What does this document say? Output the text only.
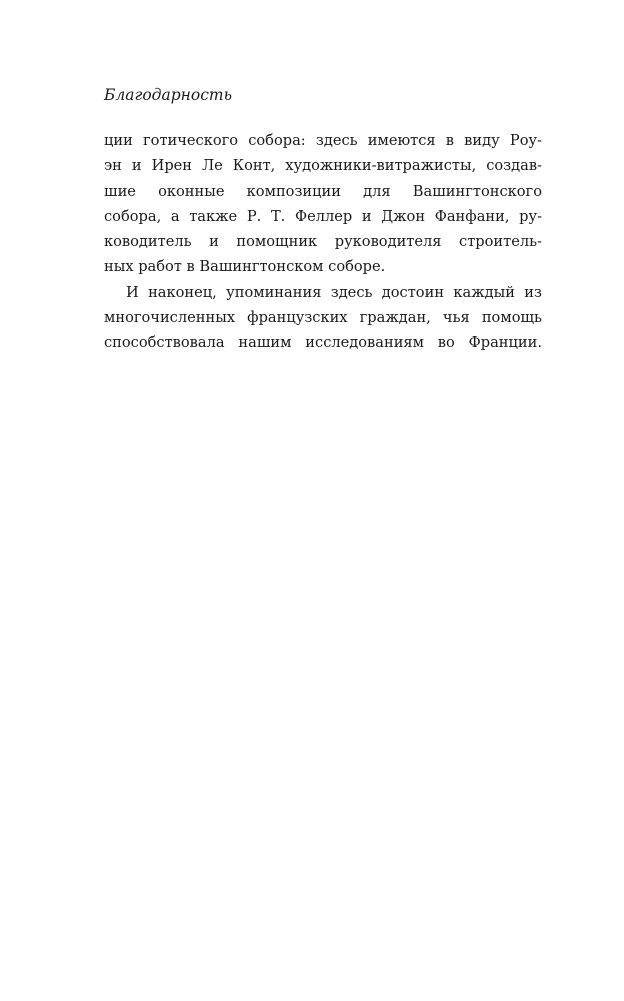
Благодарность
ции готического собора: здесь имеются в виду Роу-
эн и Ирен Ле Конт, художники-витражисты, создав-
шие оконные композиции для Вашингтонского
собора, а также Р. Т. Феллер и Джон Фанфани, ру-
ководитель и помощник руководителя строитель-
ных работ в Вашингтонском соборе.
И наконец, упоминания здесь достоин каждый из
многочисленных французских граждан, чья помощь
способствовала нашим исследованиям во Франции.
